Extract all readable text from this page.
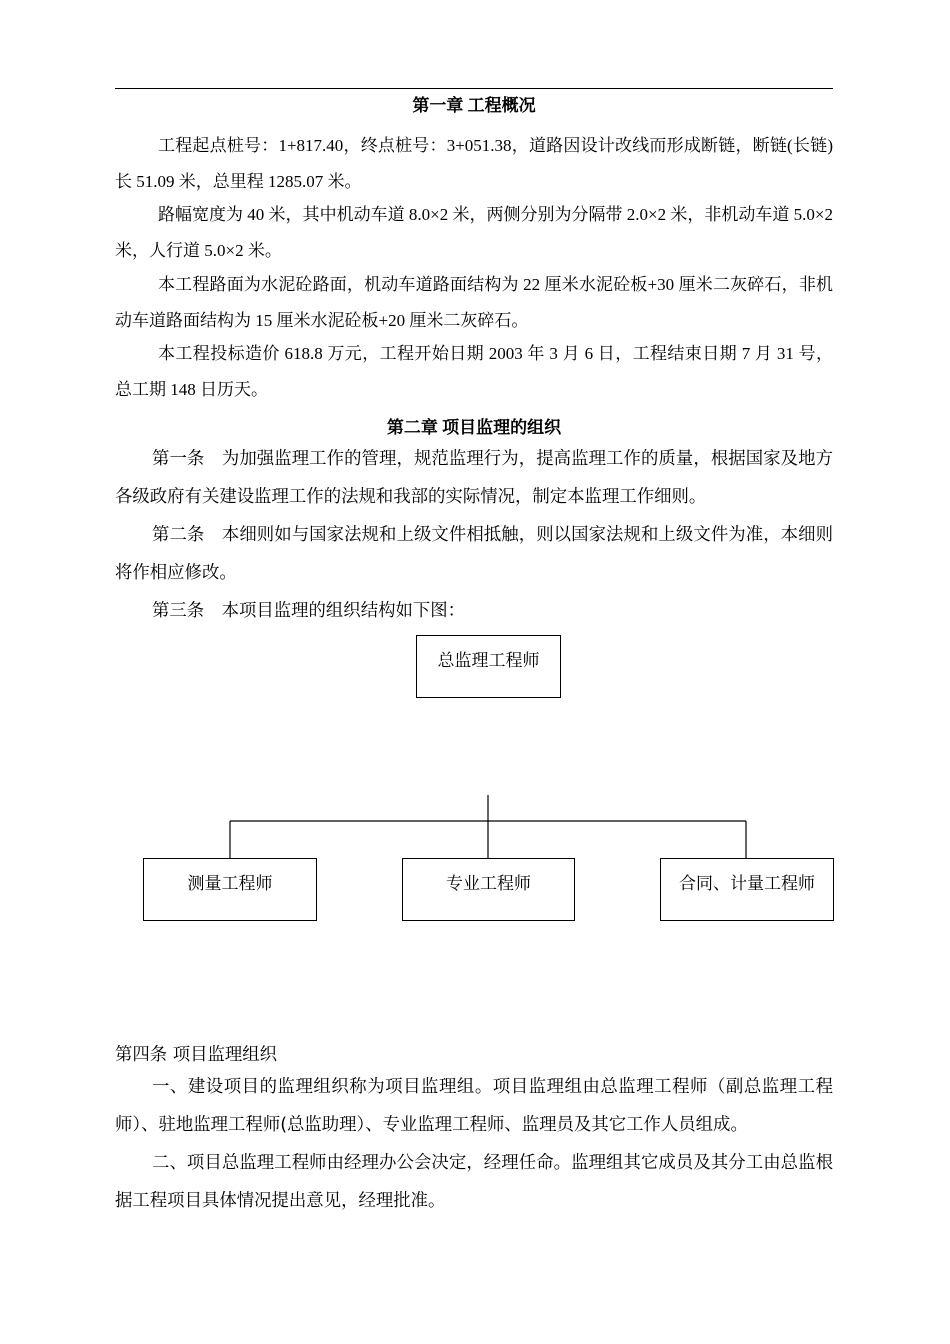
第一章 工程概况

工程起点桩号：1+817.40，终点桩号：3+051.38，道路因设计改线而形成断链，断链(长链)长 51.09 米，总里程 1285.07 米。

路幅宽度为 40 米，其中机动车道 8.0×2 米，两侧分别为分隔带 2.0×2 米，非机动车道 5.0×2 米，人行道 5.0×2 米。

本工程路面为水泥砼路面，机动车道路面结构为 22 厘米水泥砼板+30 厘米二灰碎石，非机动车道路面结构为 15 厘米水泥砼板+20 厘米二灰碎石。

本工程投标造价 618.8 万元，工程开始日期 2003 年 3 月 6 日，工程结束日期 7 月 31 号，总工期 148 日历天。

第二章 项目监理的组织

第一条　为加强监理工作的管理，规范监理行为，提高监理工作的质量，根据国家及地方各级政府有关建设监理工作的法规和我部的实际情况，制定本监理工作细则。

第二条　本细则如与国家法规和上级文件相抵触，则以国家法规和上级文件为准，本细则将作相应修改。

第三条　本项目监理的组织结构如下图：

总监理工程师
测量工程师	专业工程师	合同、计量工程师
第四条 项目监理组织

一、建设项目的监理组织称为项目监理组。项目监理组由总监理工程师（副总监理工程师）、驻地监理工程师(总监助理）、专业监理工程师、监理员及其它工作人员组成。

二、项目总监理工程师由经理办公会决定，经理任命。监理组其它成员及其分工由总监根据工程项目具体情况提出意见，经理批准。
